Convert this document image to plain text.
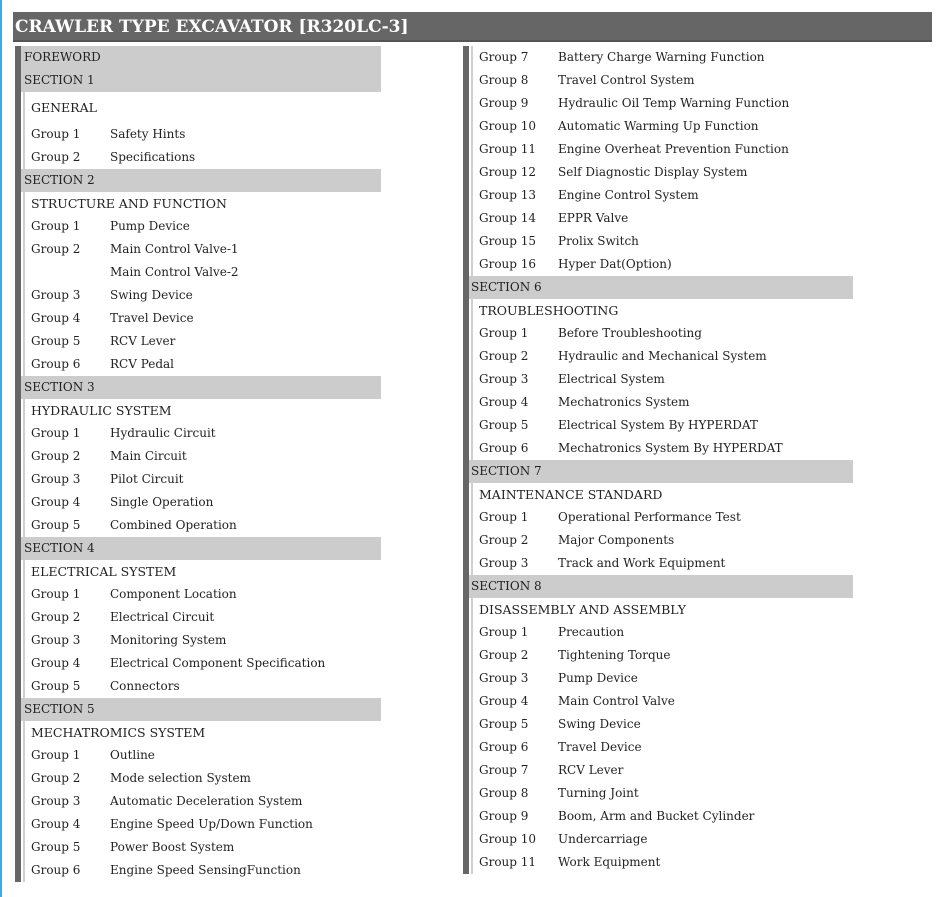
CRAWLER TYPE EXCAVATOR [R320LC-3]
FOREWORD
SECTION 1
GENERAL
Group 1 Safety Hints
Group 2 Specifications
SECTION 2
STRUCTURE AND FUNCTION
Group 1 Pump Device
Group 2 Main Control Valve-1
Main Control Valve-2
Group 3 Swing Device
Group 4 Travel Device
Group 5 RCV Lever
Group 6 RCV Pedal
SECTION 3
HYDRAULIC SYSTEM
Group 1 Hydraulic Circuit
Group 2 Main Circuit
Group 3 Pilot Circuit
Group 4 Single Operation
Group 5 Combined Operation
SECTION 4
ELECTRICAL SYSTEM
Group 1 Component Location
Group 2 Electrical Circuit
Group 3 Monitoring System
Group 4 Electrical Component Specification
Group 5 Connectors
SECTION 5
MECHATROMICS SYSTEM
Group 1 Outline
Group 2 Mode selection System
Group 3 Automatic Deceleration System
Group 4 Engine Speed Up/Down Function
Group 5 Power Boost System
Group 6 Engine Speed SensingFunction
Group 7 Battery Charge Warning Function
Group 8 Travel Control System
Group 9 Hydraulic Oil Temp Warning Function
Group 10 Automatic Warming Up Function
Group 11 Engine Overheat Prevention Function
Group 12 Self Diagnostic Display System
Group 13 Engine Control System
Group 14 EPPR Valve
Group 15 Prolix Switch
Group 16 Hyper Dat(Option)
SECTION 6
TROUBLESHOOTING
Group 1 Before Troubleshooting
Group 2 Hydraulic and Mechanical System
Group 3 Electrical System
Group 4 Mechatronics System
Group 5 Electrical System By HYPERDAT
Group 6 Mechatronics System By HYPERDAT
SECTION 7
MAINTENANCE STANDARD
Group 1 Operational Performance Test
Group 2 Major Components
Group 3 Track and Work Equipment
SECTION 8
DISASSEMBLY AND ASSEMBLY
Group 1 Precaution
Group 2 Tightening Torque
Group 3 Pump Device
Group 4 Main Control Valve
Group 5 Swing Device
Group 6 Travel Device
Group 7 RCV Lever
Group 8 Turning Joint
Group 9 Boom, Arm and Bucket Cylinder
Group 10 Undercarriage
Group 11 Work Equipment
